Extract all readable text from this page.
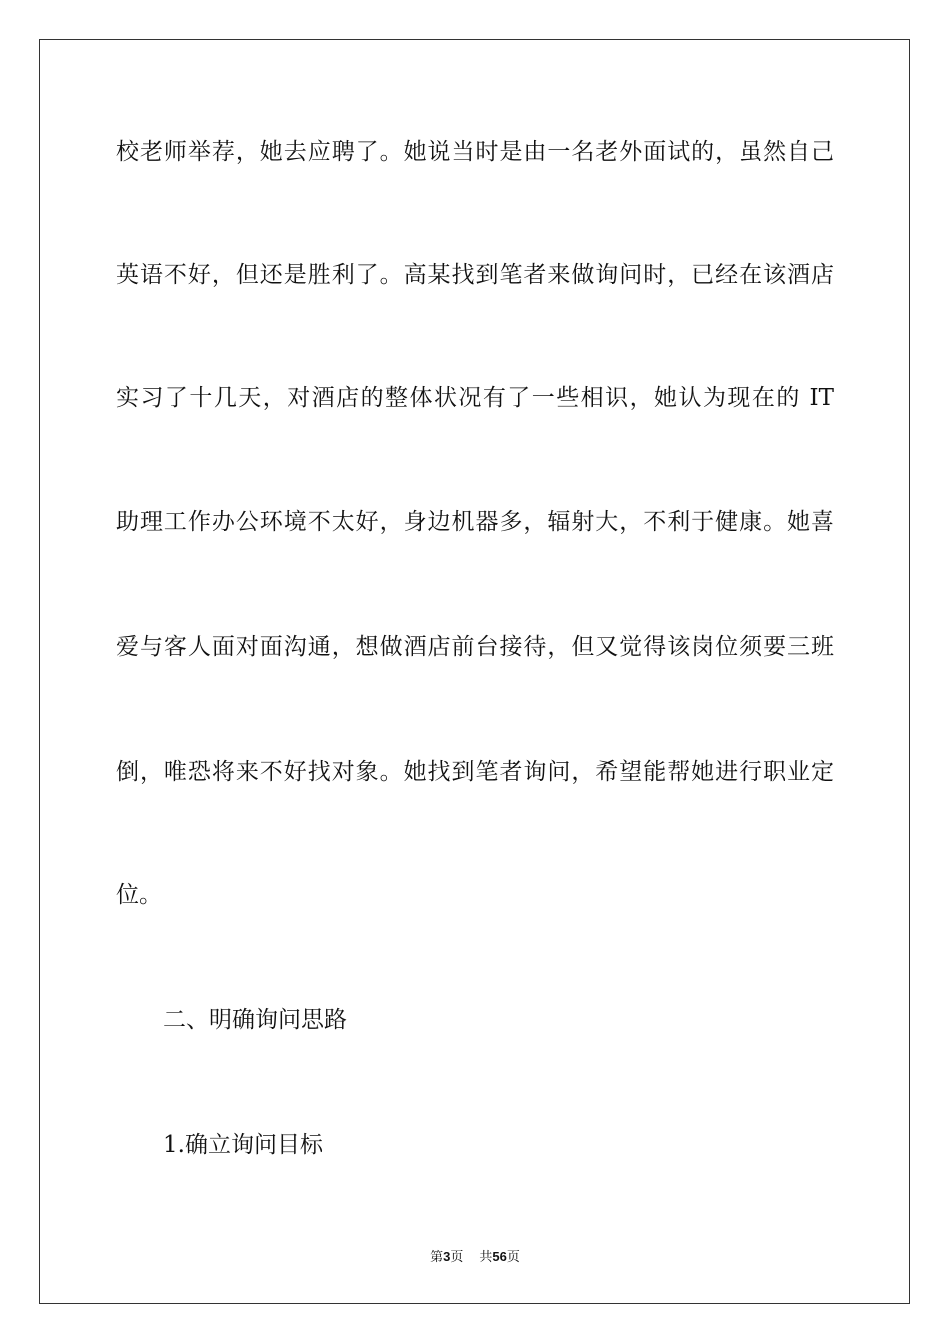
校老师举荐，她去应聘了。她说当时是由一名老外面试的，虽然自己
英语不好，但还是胜利了。高某找到笔者来做询问时，已经在该酒店
实习了十几天，对酒店的整体状况有了一些相识，她认为现在的 IT
助理工作办公环境不太好，身边机器多，辐射大，不利于健康。她喜
爱与客人面对面沟通，想做酒店前台接待，但又觉得该岗位须要三班
倒，唯恐将来不好找对象。她找到笔者询问，希望能帮她进行职业定
位。
二、明确询问思路
1.确立询问目标
第3页 共56页
